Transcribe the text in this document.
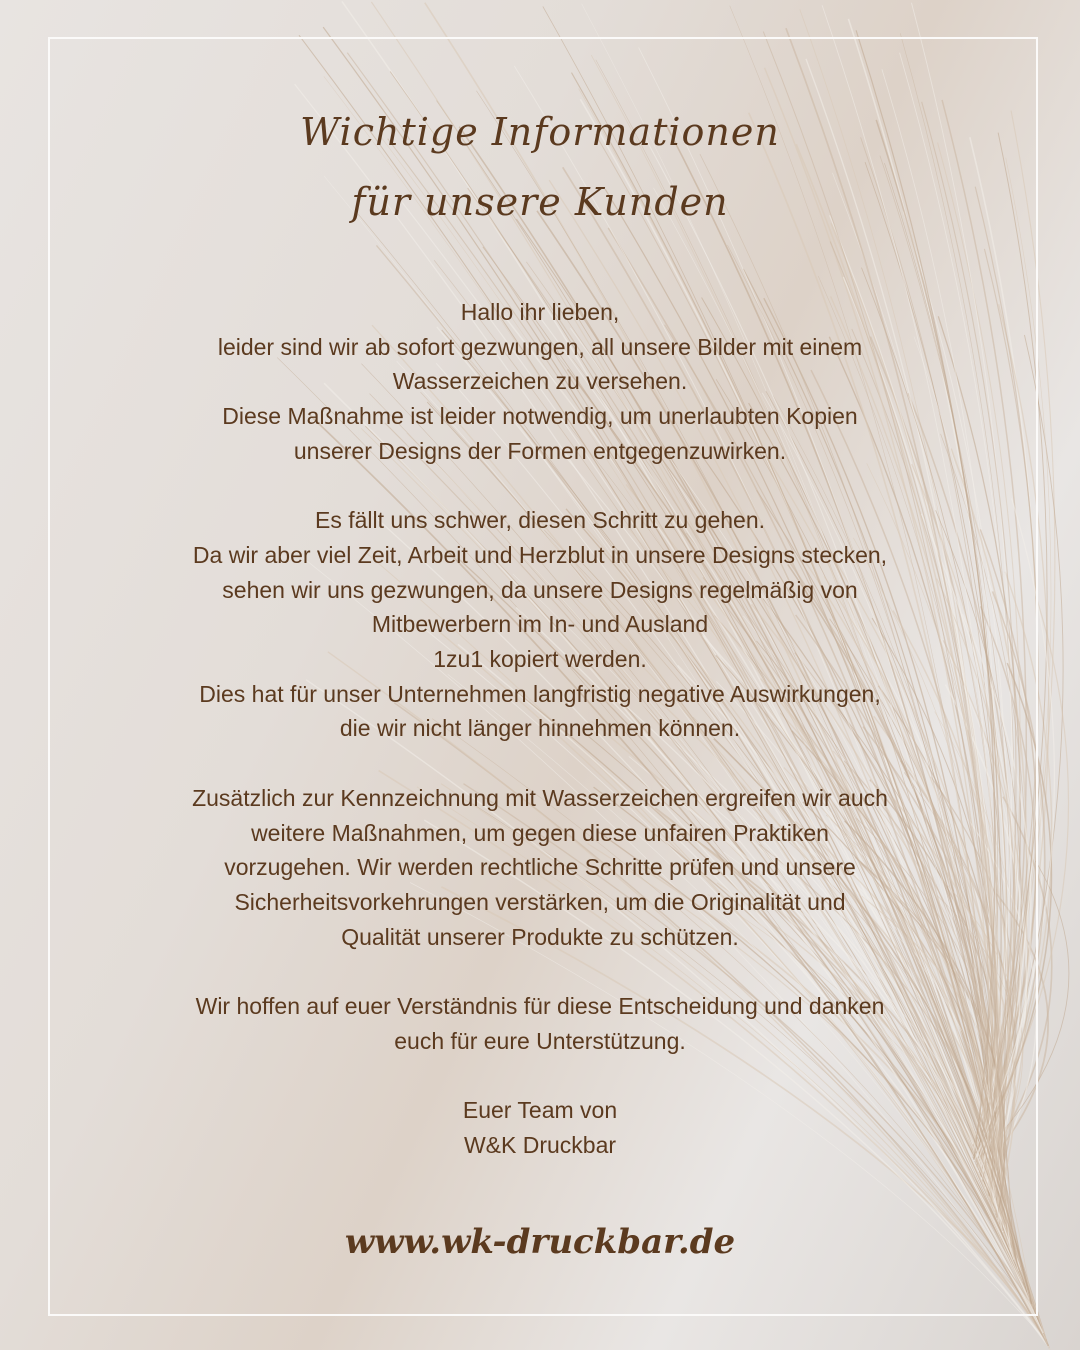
Wichtige Informationen
für unsere Kunden

Hallo ihr lieben,
leider sind wir ab sofort gezwungen, all unsere Bilder mit einem
Wasserzeichen zu versehen.
Diese Maßnahme ist leider notwendig, um unerlaubten Kopien
unserer Designs der Formen entgegenzuwirken.

Es fällt uns schwer, diesen Schritt zu gehen.
Da wir aber viel Zeit, Arbeit und Herzblut in unsere Designs stecken,
sehen wir uns gezwungen, da unsere Designs regelmäßig von
Mitbewerbern im In- und Ausland
1zu1 kopiert werden.
Dies hat für unser Unternehmen langfristig negative Auswirkungen,
die wir nicht länger hinnehmen können.

Zusätzlich zur Kennzeichnung mit Wasserzeichen ergreifen wir auch
weitere Maßnahmen, um gegen diese unfairen Praktiken
vorzugehen. Wir werden rechtliche Schritte prüfen und unsere
Sicherheitsvorkehrungen verstärken, um die Originalität und
Qualität unserer Produkte zu schützen.

Wir hoffen auf euer Verständnis für diese Entscheidung und danken
euch für eure Unterstützung.

Euer Team von
W&K Druckbar

www.wk-druckbar.de
